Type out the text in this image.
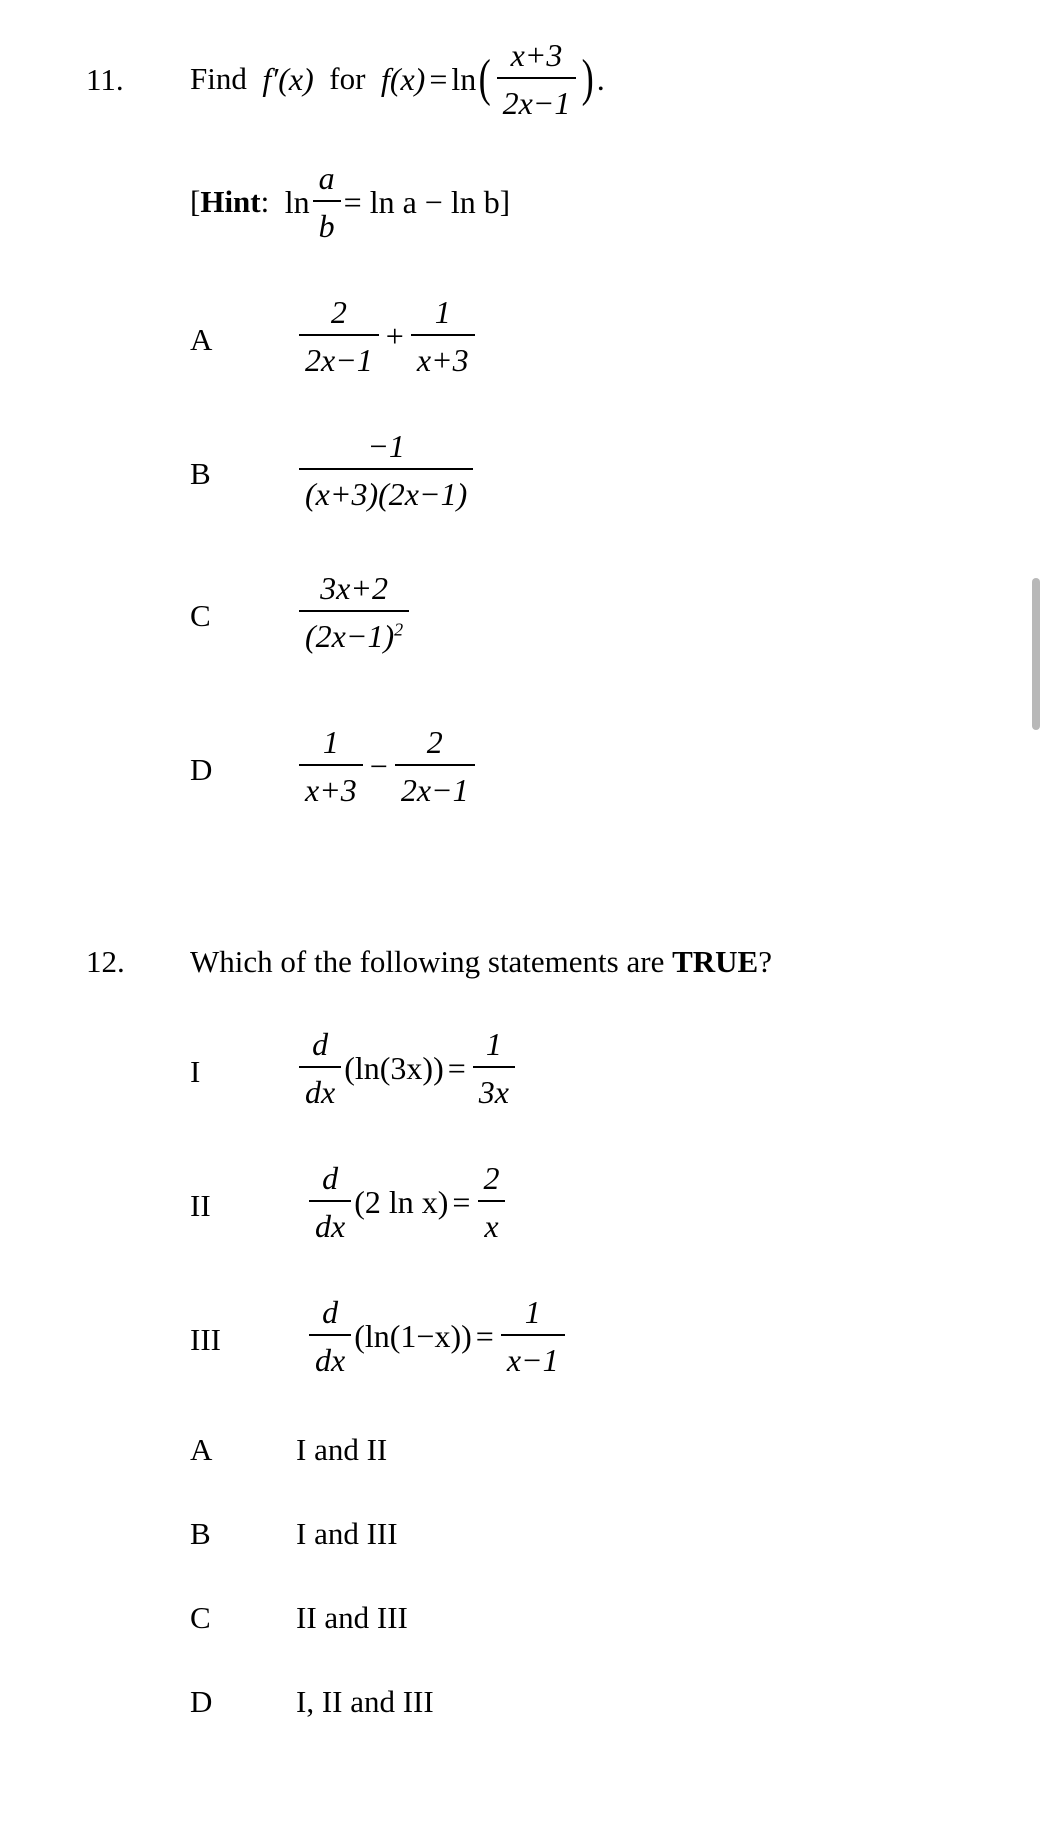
11. Find
f′(x)
for
f(x) = ln ( $\frac{x+3}{2x-1}$ ) .
[ Hint :
$\ln \frac{a}{b} = \ln a - \ln b$ ]
A	$\frac{2}{2x-1} + \frac{1}{x+3}$
B	$\frac{-1}{(x+3)(2x-1)}$
C	$\frac{3x+2}{(2x-1)^2}$
D	$\frac{1}{x+3} - \frac{2}{2x-1}$
12. Which of the following statements are TRUE?
I	$\frac{d}{dx} (\ln(3x)) = \frac{1}{3x}$
II	$\frac{d}{dx} (2$ $\ln x) = \frac{2}{x}$
III	$\frac{d}{dx} (\ln(1-x)) = \frac{1}{x-1}$
A	I and II
B	I and III
C	II and III
D	I, II and III
